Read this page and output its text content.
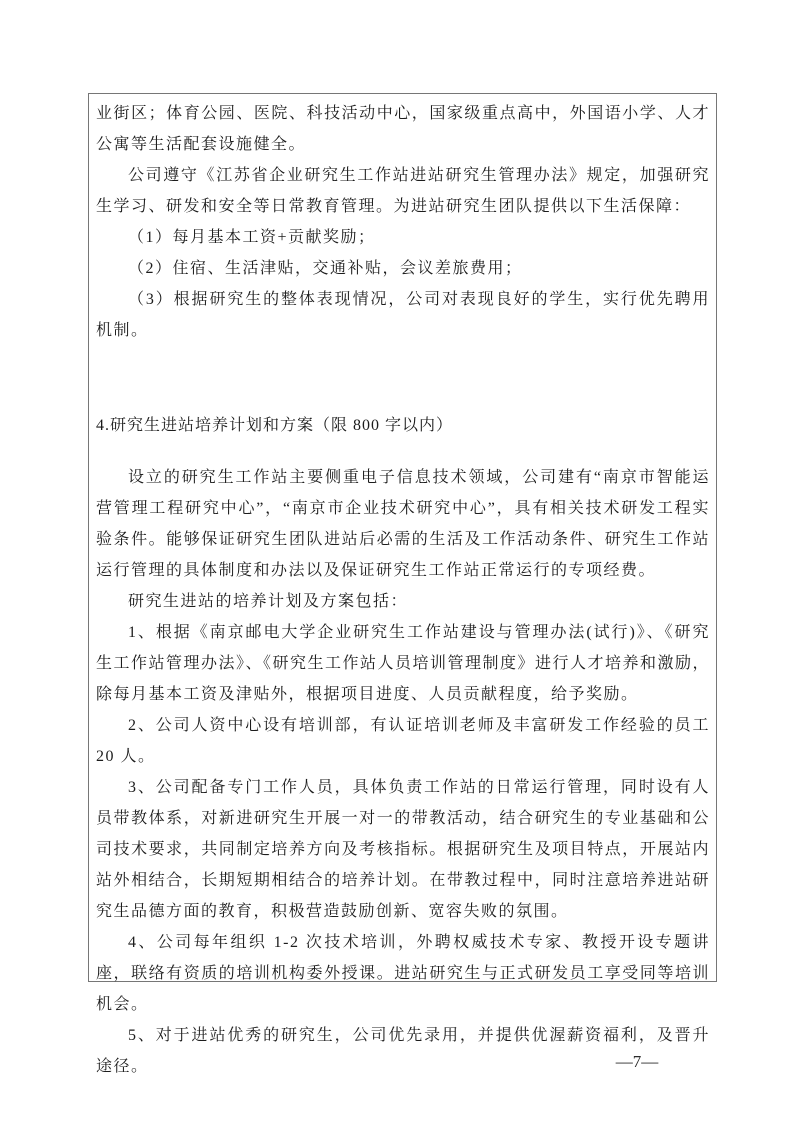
业街区；体育公园、医院、科技活动中心，国家级重点高中，外国语小学、人才公寓等生活配套设施健全。

公司遵守《江苏省企业研究生工作站进站研究生管理办法》规定，加强研究生学习、研发和安全等日常教育管理。为进站研究生团队提供以下生活保障：

（1）每月基本工资+贡献奖励；

（2）住宿、生活津贴，交通补贴，会议差旅费用；

（3）根据研究生的整体表现情况，公司对表现良好的学生，实行优先聘用机制。

4.研究生进站培养计划和方案（限 800 字以内）

设立的研究生工作站主要侧重电子信息技术领域，公司建有“南京市智能运营管理工程研究中心”，“南京市企业技术研究中心”，具有相关技术研发工程实验条件。能够保证研究生团队进站后必需的生活及工作活动条件、研究生工作站运行管理的具体制度和办法以及保证研究生工作站正常运行的专项经费。

研究生进站的培养计划及方案包括：

1、根据《南京邮电大学企业研究生工作站建设与管理办法(试行)》、《研究生工作站管理办法》、《研究生工作站人员培训管理制度》进行人才培养和激励，除每月基本工资及津贴外，根据项目进度、人员贡献程度，给予奖励。

2、公司人资中心设有培训部，有认证培训老师及丰富研发工作经验的员工 20 人。

3、公司配备专门工作人员，具体负责工作站的日常运行管理，同时设有人员带教体系，对新进研究生开展一对一的带教活动，结合研究生的专业基础和公司技术要求，共同制定培养方向及考核指标。根据研究生及项目特点，开展站内站外相结合，长期短期相结合的培养计划。在带教过程中，同时注意培养进站研究生品德方面的教育，积极营造鼓励创新、宽容失败的氛围。

4、公司每年组织 1-2 次技术培训，外聘权威技术专家、教授开设专题讲座，联络有资质的培训机构委外授课。进站研究生与正式研发员工享受同等培训机会。

5、对于进站优秀的研究生，公司优先录用，并提供优渥薪资福利，及晋升途径。	—7—
